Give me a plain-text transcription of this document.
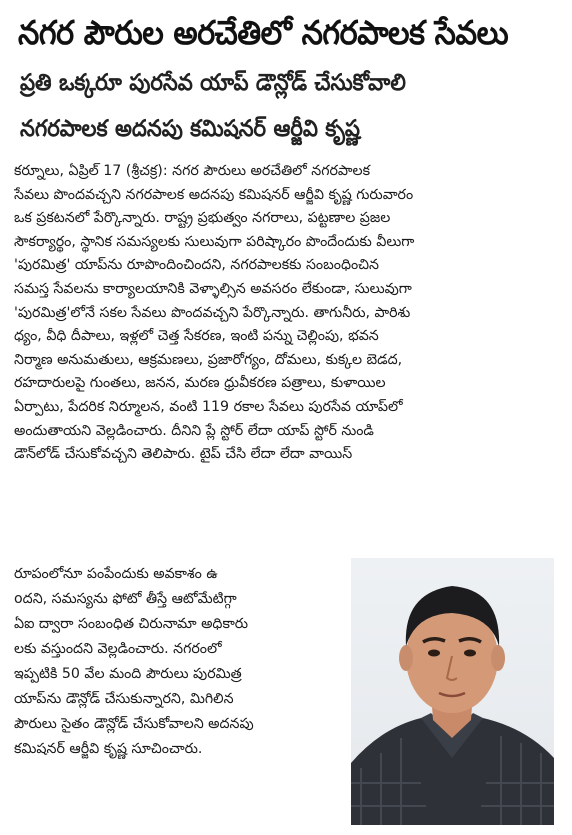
నగర పౌరుల అరచేతిలో నగరపాలక సేవలు
ప్రతి ఒక్కరూ పురసేవ యాప్ డౌన్లోడ్ చేసుకోవాలి
నగరపాలక అదనపు కమిషనర్ ఆర్జీవి కృష్ణ
కర్నూలు, ఏప్రిల్ 17 (శ్రీచక్ర): నగర పౌరులు అరచేతిలో నగరపాలక
సేవలు పొందవచ్చని నగరపాలక అదనపు కమిషనర్ ఆర్జీవి కృష్ణ గురువారం
ఒక ప్రకటనలో పేర్కొన్నారు. రాష్ట్ర ప్రభుత్వం నగరాలు, పట్టణాల ప్రజల
సౌకర్యార్థం, స్థానిక సమస్యలకు సులువుగా పరిష్కారం పొందేందుకు వీలుగా
'పురమిత్ర' యాప్‌ను రూపొందించిందని, నగరపాలకకు సంబంధించిన
సమస్త సేవలను కార్యాలయానికి వెళ్ళాల్సిన అవసరం లేకుండా, సులువుగా
'పురమిత్ర'లోనే సకల సేవలు పొందవచ్చని పేర్కొన్నారు. తాగునీరు, పారిశు
ధ్యం, వీధి దీపాలు, ఇళ్లలో చెత్త సేకరణ, ఇంటి పన్ను చెల్లింపు, భవన
నిర్మాణ అనుమతులు, ఆక్రమణలు, ప్రజారోగ్యం, దోమలు, కుక్కల బెడద,
రహదారులపై గుంతలు, జనన, మరణ ధ్రువీకరణ పత్రాలు, కుళాయిల
ఏర్పాటు, పేదరిక నిర్మూలన, వంటి 119 రకాల సేవలు పురసేవ యాప్‌లో
అందుతాయని వెల్లడించారు. దీనిని ప్లే స్టోర్ లేదా యాప్ స్టోర్ నుండి
డౌన్‌లోడ్ చేసుకోవచ్చని తెలిపారు. టైప్ చేసి లేదా లేదా వాయిస్
రూపంలోనూ పంపేందుకు అవకాశం ఉ
oదని, సమస్యను ఫోటో తీస్తే ఆటోమేటిగ్గా
ఏఐ ద్వారా సంబంధిత చిరునామా అధికారు
లకు వస్తుందని వెల్లడించారు. నగరంలో
ఇప్పటికి 50 వేల మంది పౌరులు పురమిత్ర
యాప్‌ను డౌన్లోడ్ చేసుకున్నారని, మిగిలిన
పౌరులు సైతం డౌన్లోడ్ చేసుకోవాలని అదనపు
కమిషనర్ ఆర్జీవి కృష్ణ సూచించారు.
